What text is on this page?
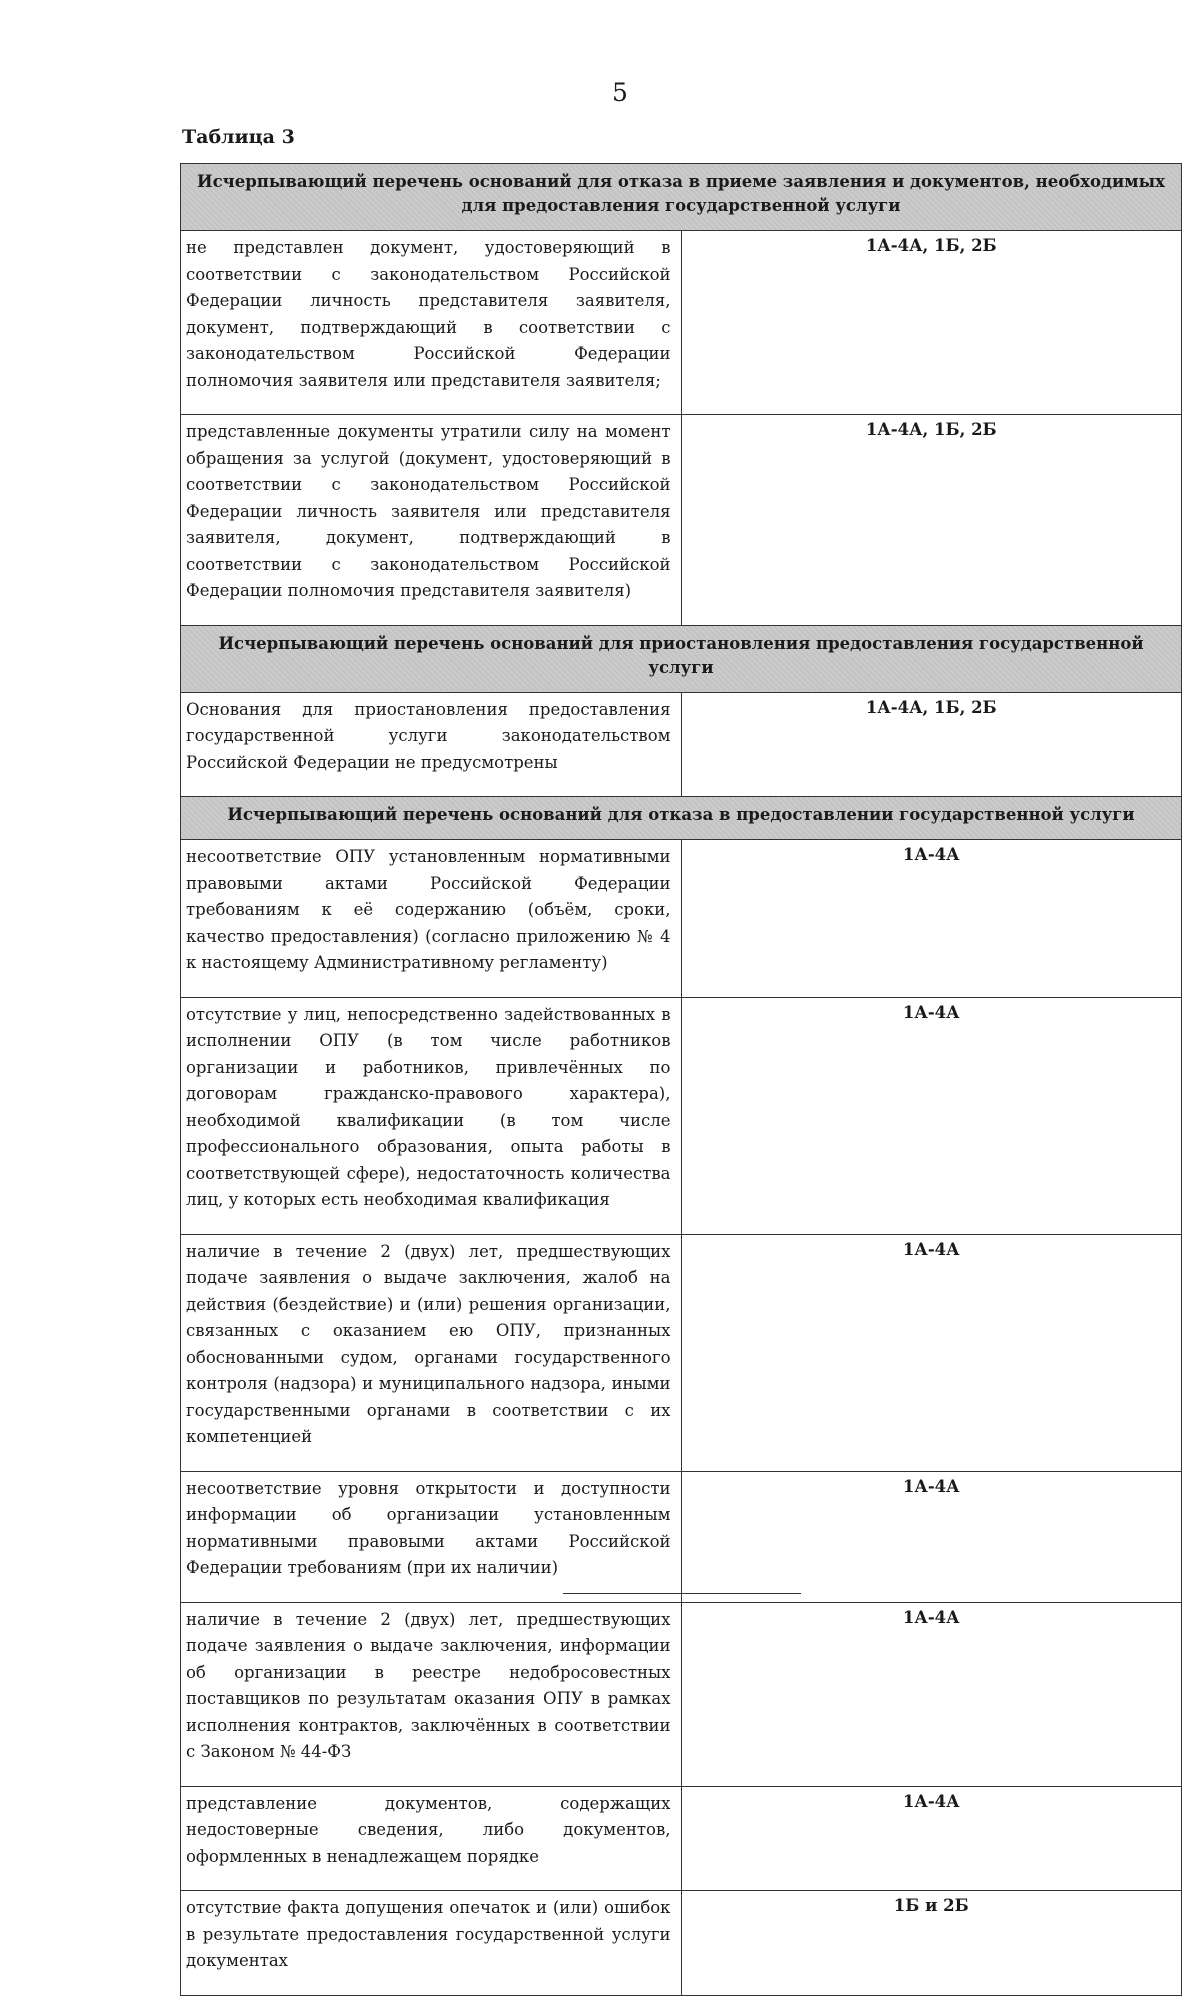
5
Таблица 3
Исчерпывающий перечень оснований для отказа в приеме заявления и документов, необходимых для предоставления государственной услуги	
не представлен документ, удостоверяющий в соответствии с законодательством Российской Федерации личность представителя заявителя, документ, подтверждающий в соответствии с законодательством Российской Федерации полномочия заявителя или представителя заявителя;	1А-4А, 1Б, 2Б
представленные документы утратили силу на момент обращения за услугой (документ, удостоверяющий в соответствии с законодательством Российской Федерации личность заявителя или представителя заявителя, документ, подтверждающий в соответствии с законодательством Российской Федерации полномочия представителя заявителя)	1А-4А, 1Б, 2Б
Исчерпывающий перечень оснований для приостановления предоставления государственной услуги	
Основания для приостановления предоставления государственной услуги законодательством Российской Федерации не предусмотрены	1А-4А, 1Б, 2Б
Исчерпывающий перечень оснований для отказа в предоставлении государственной услуги	
несоответствие ОПУ установленным нормативными правовыми актами Российской Федерации требованиям к её содержанию (объём, сроки, качество предоставления) (согласно приложению № 4 к настоящему Административному регламенту)	1А-4А
отсутствие у лиц, непосредственно задействованных в исполнении ОПУ (в том числе работников организации и работников, привлечённых по договорам гражданско-правового характера), необходимой квалификации (в том числе профессионального образования, опыта работы в соответствующей сфере), недостаточность количества лиц, у которых есть необходимая квалификация	1А-4А
наличие в течение 2 (двух) лет, предшествующих подаче заявления о выдаче заключения, жалоб на действия (бездействие) и (или) решения организации, связанных с оказанием ею ОПУ, признанных обоснованными судом, органами государственного контроля (надзора) и муниципального надзора, иными государственными органами в соответствии с их компетенцией	1А-4А
несоответствие уровня открытости и доступности информации об организации установленным нормативными правовыми актами Российской Федерации требованиям (при их наличии)	1А-4А
наличие в течение 2 (двух) лет, предшествующих подаче заявления о выдаче заключения, информации об организации в реестре недобросовестных поставщиков по результатам оказания ОПУ в рамках исполнения контрактов, заключённых в соответствии с Законом № 44-ФЗ	1А-4А
представление документов, содержащих недостоверные сведения, либо документов, оформленных в ненадлежащем порядке	1А-4А
отсутствие факта допущения опечаток и (или) ошибок в результате предоставления государственной услуги документах	1Б и 2Б
